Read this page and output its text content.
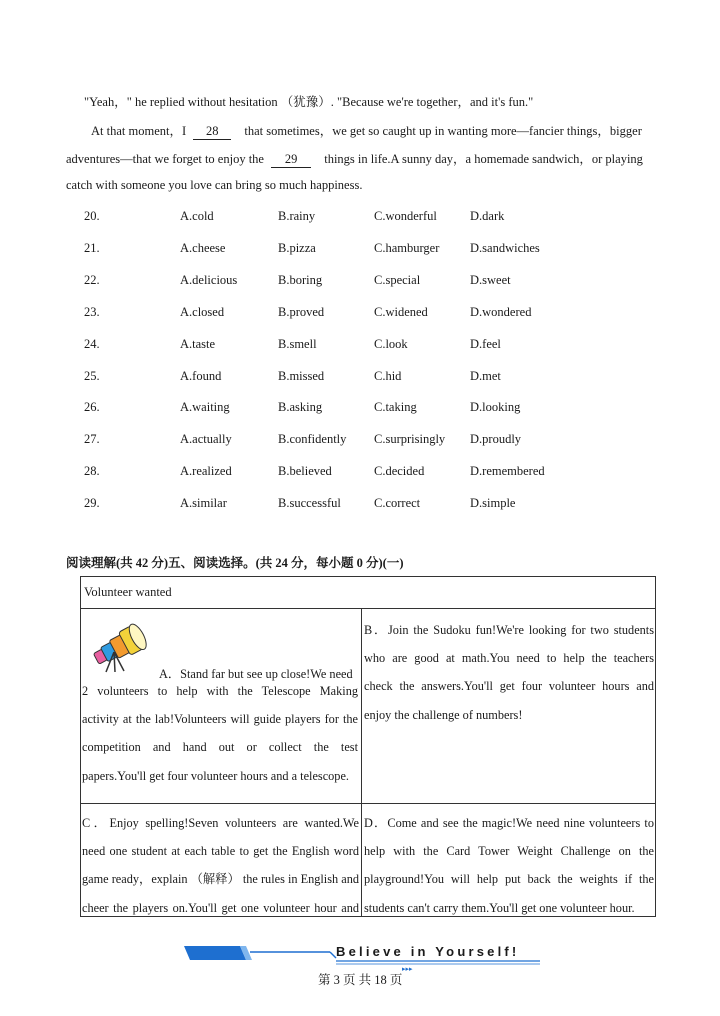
"Yeah，" he replied without hesitation （犹豫）. "Because we're together，and it's fun."
At that moment，I 28 that sometimes，we get so caught up in wanting more—fancier things，bigger
adventures—that we forget to enjoy the 29 things in life.A sunny day，a homemade sandwich，or playing
catch with someone you love can bring so much happiness.
20.	A.cold	B.rainy	C.wonderful	D.dark
21.	A.cheese	B.pizza	C.hamburger D.sandwiches
22.	A.delicious	B.boring	C.special	D.sweet
23.	A.closed	B.proved	C.widened	D.wondered
24.	A.taste	B.smell	C.look	D.feel
25.	A.found	B.missed	C.hid	D.met
26.	A.waiting	B.asking	C.taking	D.looking
27.	A.actually	B.confidently C.surprisingly D.proudly
28.	A.realized	B.believed	C.decided	D.remembered
29.	A.similar	B.successful	C.correct	D.simple
阅读理解(共 42 分)五、阅读选择。(共 24 分，每小题 0 分)(一)
Volunteer wanted
A．Stand far but see up close!We need
2 volunteers to help with the Telescope Making
activity at the lab!Volunteers will guide players for the
competition and hand out or collect the test
papers.You'll get four volunteer hours and a telescope.
B．Join the Sudoku fun!We're looking for two students
who are good at math.You need to help the teachers
check the answers.You'll get four volunteer hours and
enjoy the challenge of numbers!
C．Enjoy spelling!Seven volunteers are wanted.We
need one student at each table to get the English word
game ready，explain （解释） the rules in English and
cheer the players on.You'll get one volunteer hour and
D．Come and see the magic!We need nine volunteers to
help with the Card Tower Weight Challenge on the
playground!You will help put back the weights if the
students can't carry them.You'll get one volunteer hour.
▸▸▸
Believe in Yourself!
第 3 页 共 18 页
